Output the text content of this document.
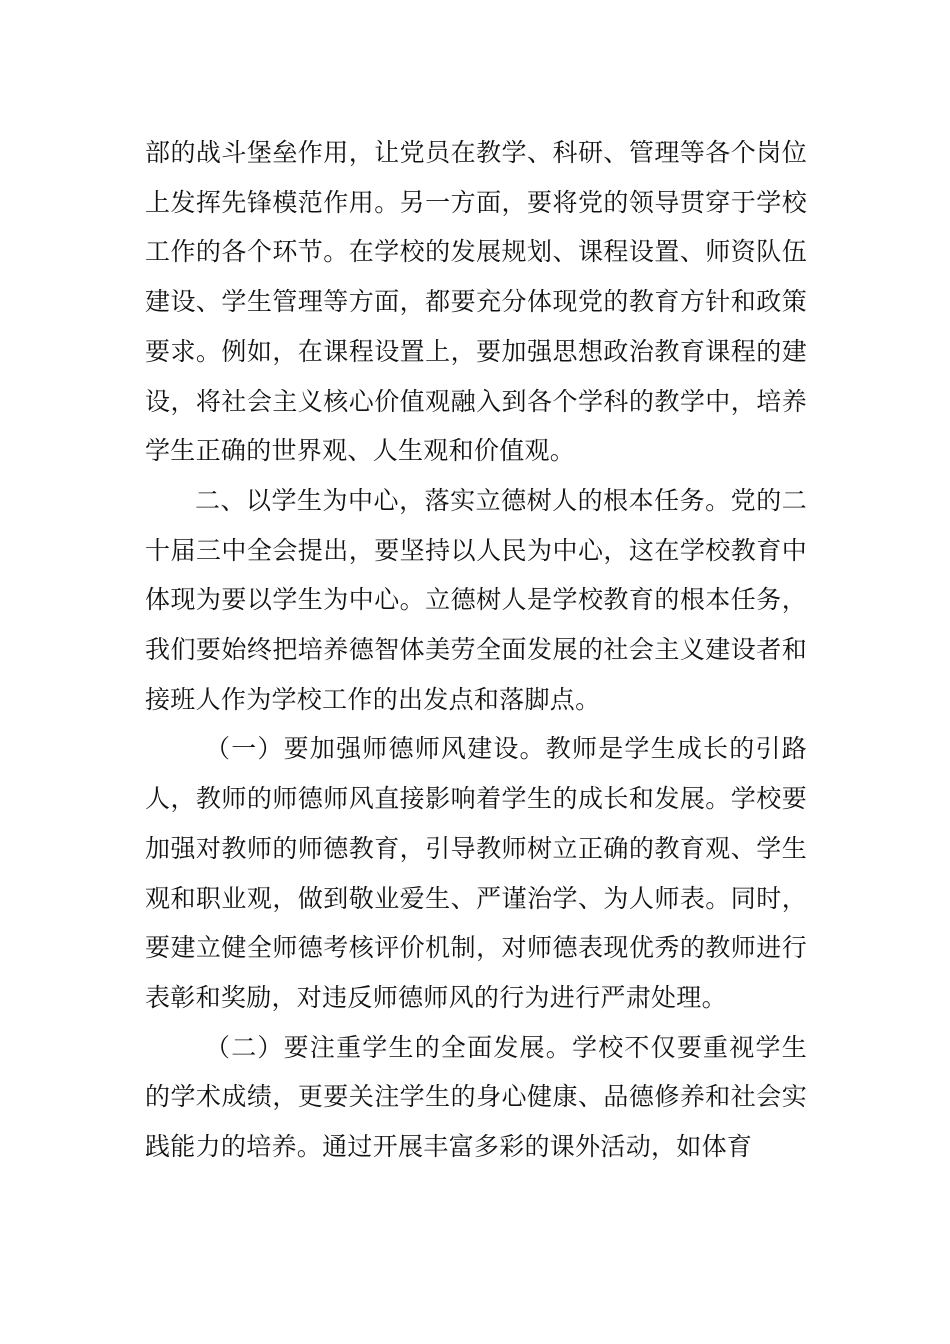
部的战斗堡垒作用，让党员在教学、科研、管理等各个岗位上发挥先锋模范作用。另一方面，要将党的领导贯穿于学校工作的各个环节。在学校的发展规划、课程设置、师资队伍建设、学生管理等方面，都要充分体现党的教育方针和政策要求。例如，在课程设置上，要加强思想政治教育课程的建设，将社会主义核心价值观融入到各个学科的教学中，培养学生正确的世界观、人生观和价值观。

二、以学生为中心，落实立德树人的根本任务。党的二十届三中全会提出，要坚持以人民为中心，这在学校教育中体现为要以学生为中心。立德树人是学校教育的根本任务，我们要始终把培养德智体美劳全面发展的社会主义建设者和接班人作为学校工作的出发点和落脚点。

（一）要加强师德师风建设。教师是学生成长的引路人，教师的师德师风直接影响着学生的成长和发展。学校要加强对教师的师德教育，引导教师树立正确的教育观、学生观和职业观，做到敬业爱生、严谨治学、为人师表。同时，要建立健全师德考核评价机制，对师德表现优秀的教师进行表彰和奖励，对违反师德师风的行为进行严肃处理。

（二）要注重学生的全面发展。学校不仅要重视学生的学术成绩，更要关注学生的身心健康、品德修养和社会实践能力的培养。通过开展丰富多彩的课外活动，如体育
